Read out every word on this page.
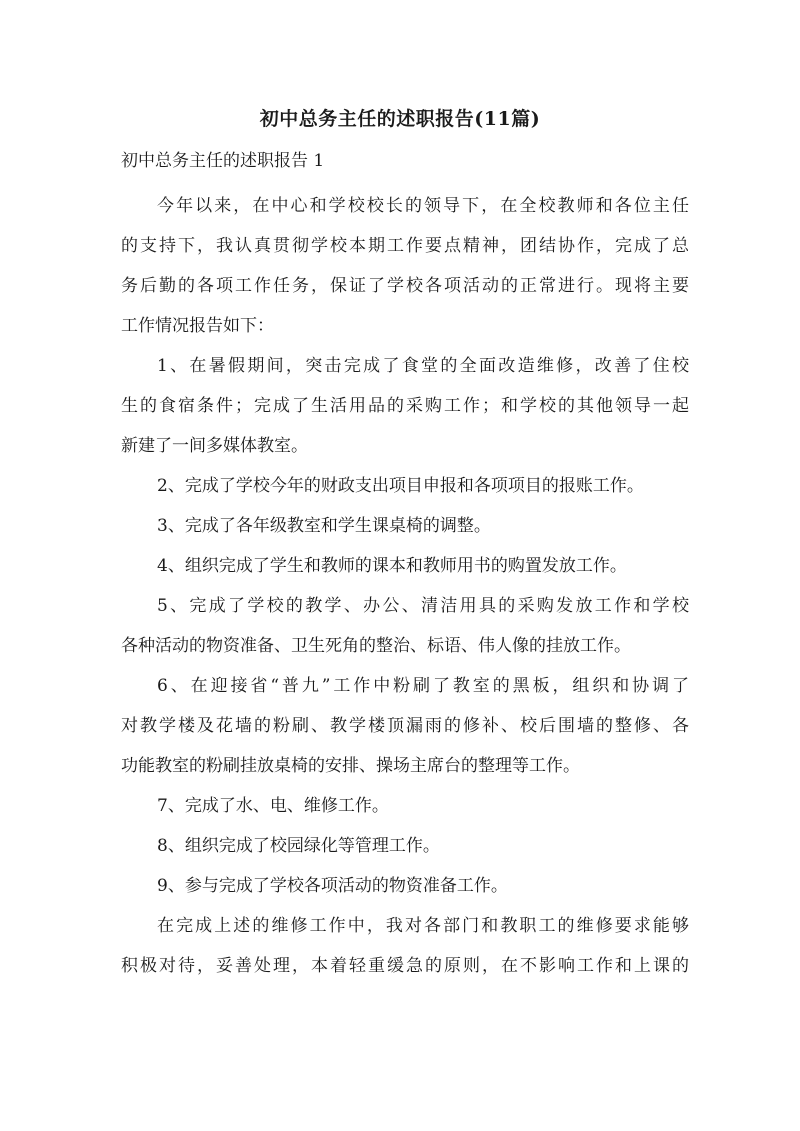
初中总务主任的述职报告(11篇)

初中总务主任的述职报告 1

今年以来，在中心和学校校长的领导下，在全校教师和各位主任
的支持下，我认真贯彻学校本期工作要点精神，团结协作，完成了总
务后勤的各项工作任务，保证了学校各项活动的正常进行。现将主要
工作情况报告如下：
1、在暑假期间，突击完成了食堂的全面改造维修，改善了住校
生的食宿条件；完成了生活用品的采购工作；和学校的其他领导一起
新建了一间多媒体教室。
2、完成了学校今年的财政支出项目申报和各项项目的报账工作。
3、完成了各年级教室和学生课桌椅的调整。
4、组织完成了学生和教师的课本和教师用书的购置发放工作。
5、完成了学校的教学、办公、清洁用具的采购发放工作和学校
各种活动的物资准备、卫生死角的整治、标语、伟人像的挂放工作。
6、在迎接省“普九”工作中粉刷了教室的黑板，组织和协调了
对教学楼及花墙的粉刷、教学楼顶漏雨的修补、校后围墙的整修、各
功能教室的粉刷挂放桌椅的安排、操场主席台的整理等工作。
7、完成了水、电、维修工作。
8、组织完成了校园绿化等管理工作。
9、参与完成了学校各项活动的物资准备工作。
在完成上述的维修工作中，我对各部门和教职工的维修要求能够
积极对待，妥善处理，本着轻重缓急的原则，在不影响工作和上课的
